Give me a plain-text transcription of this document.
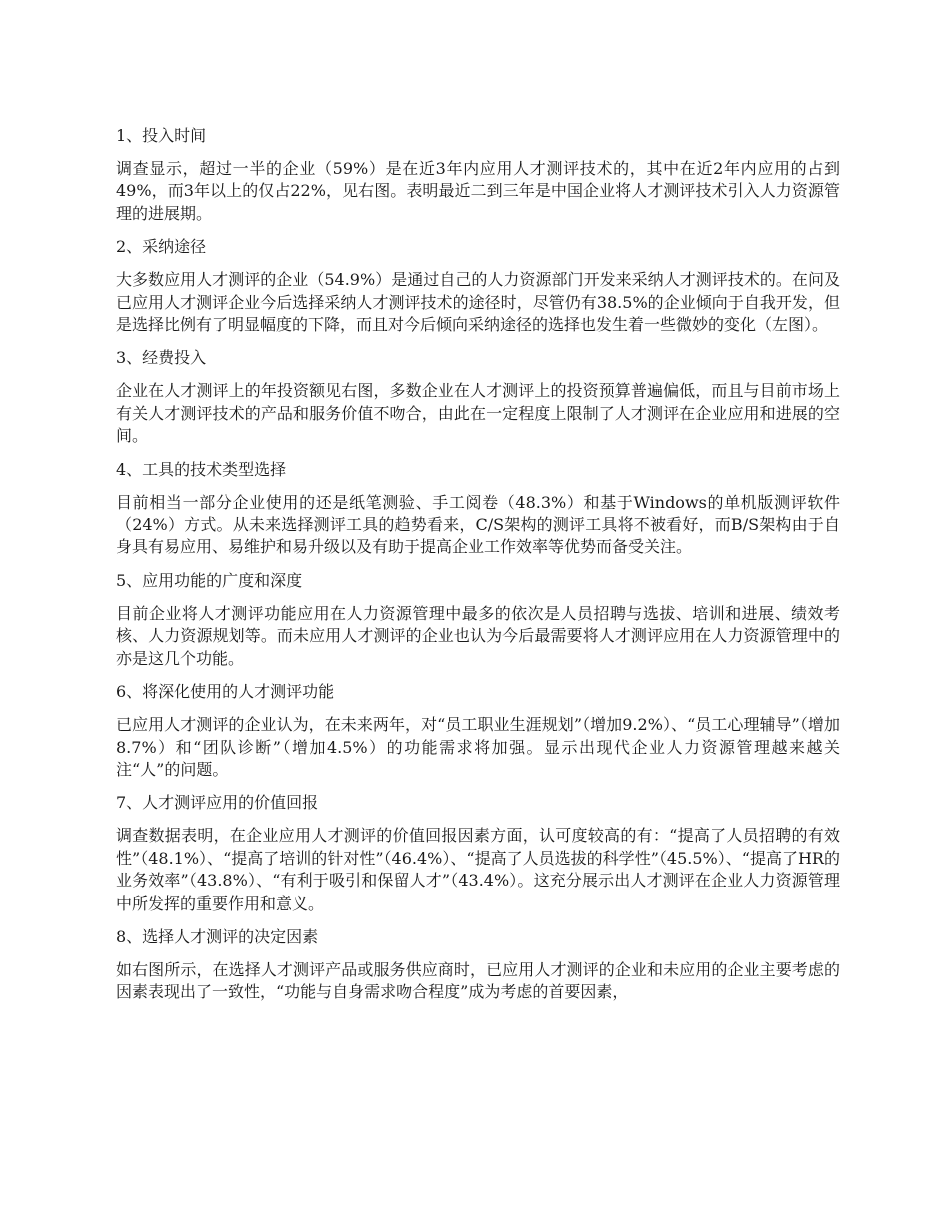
1、投入时间

调查显示，超过一半的企业（59%）是在近3年内应用人才测评技术的，其中在近2年内应用的占到49%，而3年以上的仅占22%，见右图。表明最近二到三年是中国企业将人才测评技术引入人力资源管理的进展期。

2、采纳途径

大多数应用人才测评的企业（54.9%）是通过自己的人力资源部门开发来采纳人才测评技术的。在问及已应用人才测评企业今后选择采纳人才测评技术的途径时，尽管仍有38.5%的企业倾向于自我开发，但是选择比例有了明显幅度的下降，而且对今后倾向采纳途径的选择也发生着一些微妙的变化（左图）。

3、经费投入

企业在人才测评上的年投资额见右图，多数企业在人才测评上的投资预算普遍偏低，而且与目前市场上有关人才测评技术的产品和服务价值不吻合，由此在一定程度上限制了人才测评在企业应用和进展的空间。

4、工具的技术类型选择

目前相当一部分企业使用的还是纸笔测验、手工阅卷（48.3%）和基于Windows的单机版测评软件（24%）方式。从未来选择测评工具的趋势看来，C/S架构的测评工具将不被看好，而B/S架构由于自身具有易应用、易维护和易升级以及有助于提高企业工作效率等优势而备受关注。

5、应用功能的广度和深度

目前企业将人才测评功能应用在人力资源管理中最多的依次是人员招聘与选拔、培训和进展、绩效考核、人力资源规划等。而未应用人才测评的企业也认为今后最需要将人才测评应用在人力资源管理中的亦是这几个功能。

6、将深化使用的人才测评功能

已应用人才测评的企业认为，在未来两年，对“员工职业生涯规划”（增加9.2%）、“员工心理辅导”（增加8.7%）和“团队诊断”（增加4.5%）的功能需求将加强。显示出现代企业人力资源管理越来越关注“人”的问题。

7、人才测评应用的价值回报

调查数据表明，在企业应用人才测评的价值回报因素方面，认可度较高的有：“提高了人员招聘的有效性”（48.1%）、“提高了培训的针对性”（46.4%）、“提高了人员选拔的科学性”（45.5%）、“提高了HR的业务效率”（43.8%）、“有利于吸引和保留人才”（43.4%）。这充分展示出人才测评在企业人力资源管理中所发挥的重要作用和意义。

8、选择人才测评的决定因素

如右图所示，在选择人才测评产品或服务供应商时，已应用人才测评的企业和未应用的企业主要考虑的因素表现出了一致性，“功能与自身需求吻合程度”成为考虑的首要因素，
